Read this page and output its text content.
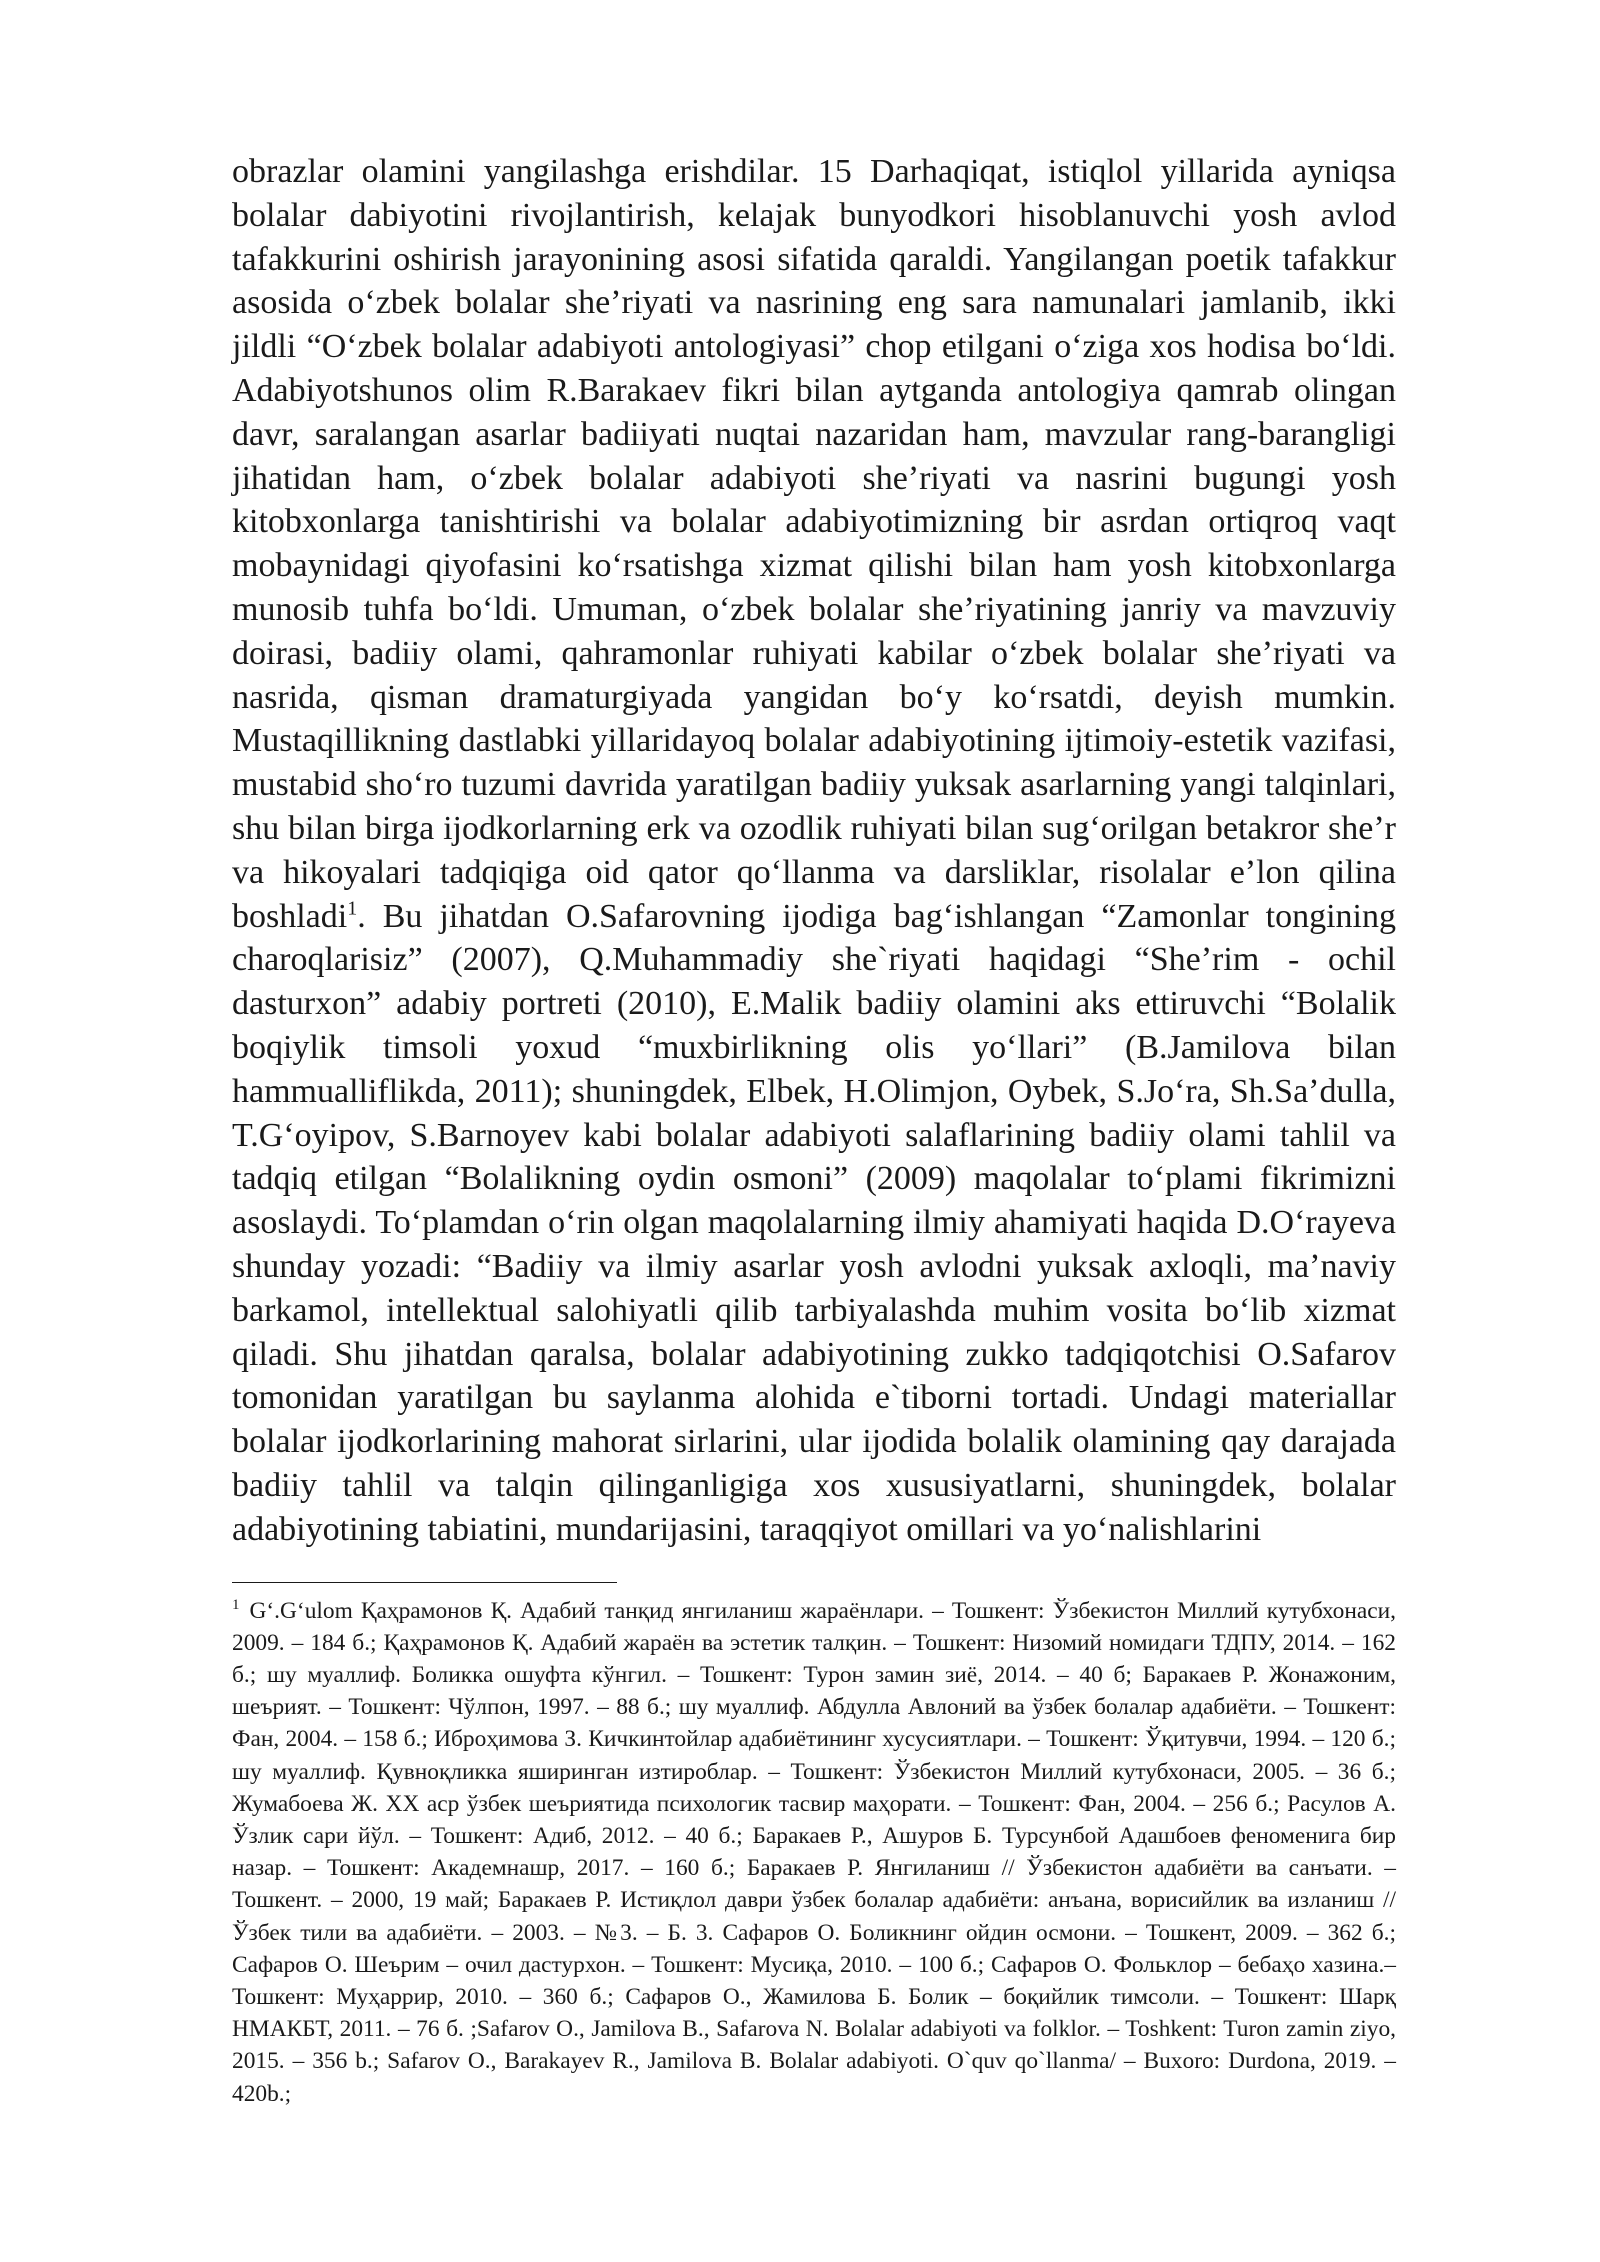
obrazlar olamini yangilashga erishdilar. 15 Darhaqiqat, istiqlol yillarida ayniqsa bolalar dabiyotini rivojlantirish, kelajak bunyodkori hisoblanuvchi yosh avlod tafakkurini oshirish jarayonining asosi sifatida qaraldi. Yangilangan poetik tafakkur asosida oʻzbek bolalar sheʼriyati va nasrining eng sara namunalari jamlanib, ikki jildli “Oʻzbek bolalar adabiyoti antologiyasi” chop etilgani oʻziga xos hodisa boʻldi. Adabiyotshunos olim R.Barakaev fikri bilan aytganda antologiya qamrab olingan davr, saralangan asarlar badiiyati nuqtai nazaridan ham, mavzular rang-barangligi jihatidan ham, oʻzbek bolalar adabiyoti sheʼriyati va nasrini bugungi yosh kitobxonlarga tanishtirishi va bolalar adabiyotimizning bir asrdan ortiqroq vaqt mobaynidagi qiyofasini koʻrsatishga xizmat qilishi bilan ham yosh kitobxonlarga munosib tuhfa boʻldi. Umuman, oʻzbek bolalar sheʼriyatining janriy va mavzuviy doirasi, badiiy olami, qahramonlar ruhiyati kabilar oʻzbek bolalar sheʼriyati va nasrida, qisman dramaturgiyada yangidan boʻy koʻrsatdi, deyish mumkin. Mustaqillikning dastlabki yillaridayoq bolalar adabiyotining ijtimoiy-estetik vazifasi, mustabid shoʻro tuzumi davrida yaratilgan badiiy yuksak asarlarning yangi talqinlari, shu bilan birga ijodkorlarning erk va ozodlik ruhiyati bilan sugʻorilgan betakror sheʼr va hikoyalari tadqiqiga oid qator qoʻllanma va darsliklar, risolalar eʼlon qilina boshladi$^1$. Bu jihatdan O.Safarovning ijodiga bagʻishlangan “Zamonlar tongining charoqlarisiz” (2007), Q.Muhammadiy she`riyati haqidagi “Sheʼrim - ochil dasturxon” adabiy portreti (2010), E.Malik badiiy olamini aks ettiruvchi “Bolalik boqiylik timsoli yoxud “muxbirlikning olis yoʻllari” (B.Jamilova bilan hammualliflikda, 2011); shuningdek, Elbek, H.Olimjon, Oybek, S.Joʻra, Sh.Saʼdulla, T.Gʻoyipov, S.Barnoyev kabi bolalar adabiyoti salaflarining badiiy olami tahlil va tadqiq etilgan “Bolalikning oydin osmoni” (2009) maqolalar toʻplami fikrimizni asoslaydi. Toʻplamdan oʻrin olgan maqolalarning ilmiy ahamiyati haqida D.Oʻrayeva shunday yozadi: “Badiiy va ilmiy asarlar yosh avlodni yuksak axloqli, maʼnaviy barkamol, intellektual salohiyatli qilib tarbiyalashda muhim vosita boʻlib xizmat qiladi. Shu jihatdan qaralsa, bolalar adabiyotining zukko tadqiqotchisi O.Safarov tomonidan yaratilgan bu saylanma alohida e`tiborni tortadi. Undagi materiallar bolalar ijodkorlarining mahorat sirlarini, ular ijodida bolalik olamining qay darajada badiiy tahlil va talqin qilinganligiga xos xususiyatlarni, shuningdek, bolalar adabiyotining tabiatini, mundarijasini, taraqqiyot omillari va yoʻnalishlarini

$^1$ Gʻ.Gʻulom Қаҳрамонов Қ. Адабий танқид янгиланиш жараёнлари. – Тошкент: Ўзбекистон Миллий кутубхонаси, 2009. – 184 б.; Қаҳрамонов Қ. Адабий жараён ва эстетик талқин. – Тошкент: Низомий номидаги ТДПУ, 2014. – 162 б.; шу муаллиф. Боликка ошуфта кўнгил. – Тошкент: Турон замин зиё, 2014. – 40 б; Баракаев Р. Жонажоним, шеърият. – Тошкент: Чўлпон, 1997. – 88 б.; шу муаллиф. Абдулла Авлоний ва ўзбек болалар адабиёти. – Тошкент: Фан, 2004. – 158 б.; Иброҳимова З. Кичкинтойлар адабиётининг хусусиятлари. – Тошкент: Ўқитувчи, 1994. – 120 б.; шу муаллиф. Қувноқликка яширинган изтироблар. – Тошкент: Ўзбекистон Миллий кутубхонаси, 2005. – 36 б.; Жумабоева Ж. ХХ аср ўзбек шеъриятида психологик тасвир маҳорати. – Тошкент: Фан, 2004. – 256 б.; Расулов А. Ўзлик сари йўл. – Тошкент: Адиб, 2012. – 40 б.; Баракаев Р., Ашуров Б. Турсунбой Адашбоев феноменига бир назар. – Тошкент: Академнашр, 2017. – 160 б.; Баракаев Р. Янгиланиш // Ўзбекистон адабиёти ва санъати. – Тошкент. – 2000, 19 май; Баракаев Р. Истиқлол даври ўзбек болалар адабиёти: анъана, ворисийлик ва изланиш // Ўзбек тили ва адабиёти. – 2003. – №3. – Б. 3. Сафаров О. Боликнинг ойдин осмони. – Тошкент, 2009. – 362 б.; Сафаров О. Шеърим – очил дастурхон. – Тошкент: Мусиқа, 2010. – 100 б.; Сафаров О. Фольклор – бебаҳо хазина.– Тошкент: Муҳаррир, 2010. – 360 б.; Сафаров О., Жамилова Б. Болик – боқийлик тимсоли. – Тошкент: Шарқ НМАКБТ, 2011. – 76 б. ;Safarov O., Jamilova B., Safarova N. Bolalar adabiyoti va folklor. – Toshkent: Turon zamin ziyo, 2015. – 356 b.; Safarov O., Barakayev R., Jamilova B. Bolalar adabiyoti. O`quv qo`llanma/ – Buxoro: Durdona, 2019. – 420b.;
